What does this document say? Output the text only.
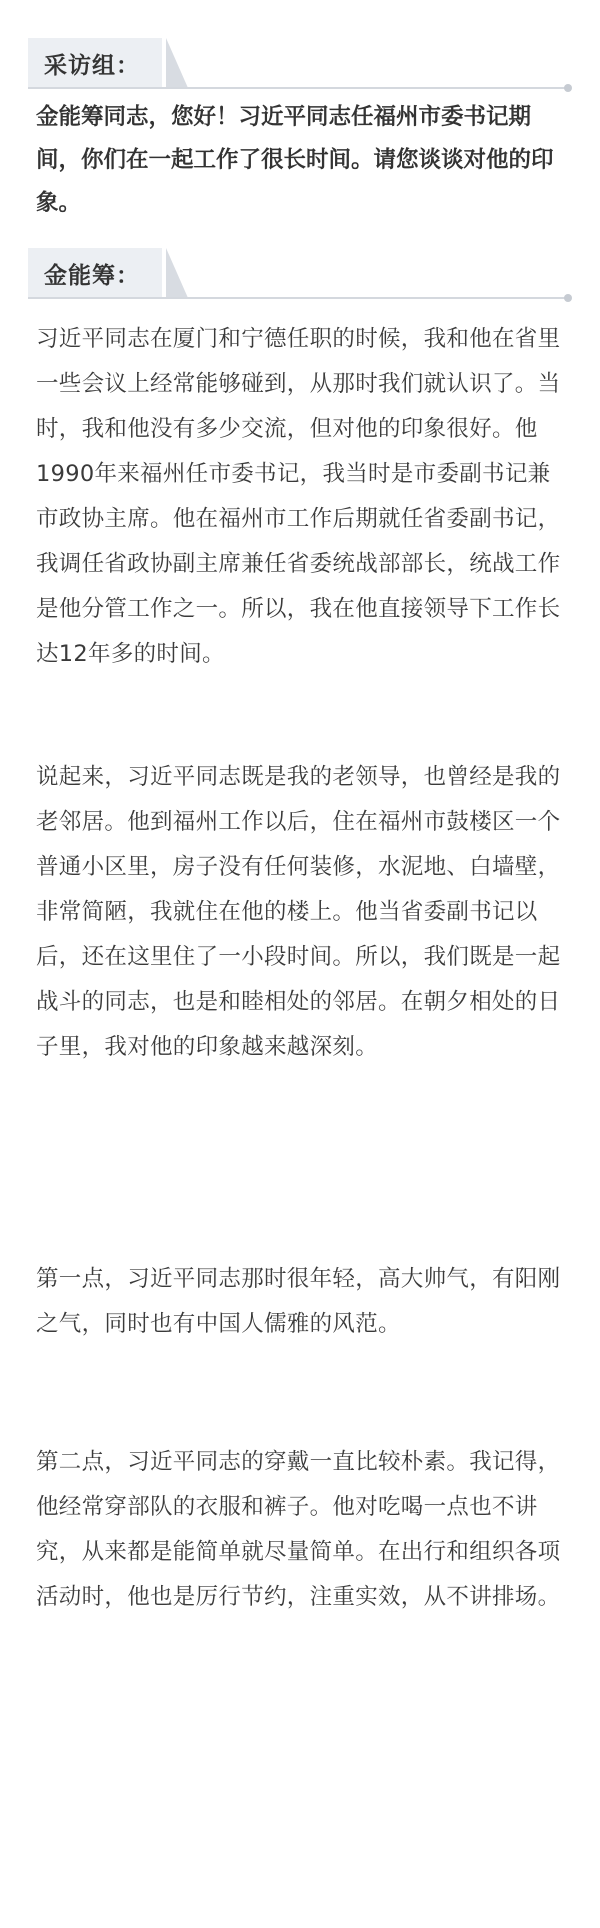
采访组：

金能筹同志，您好！习近平同志任福州市委书记期间，你们在一起工作了很长时间。请您谈谈对他的印象。

金能筹：

习近平同志在厦门和宁德任职的时候，我和他在省里一些会议上经常能够碰到，从那时我们就认识了。当时，我和他没有多少交流，但对他的印象很好。他1990年来福州任市委书记，我当时是市委副书记兼市政协主席。他在福州市工作后期就任省委副书记，我调任省政协副主席兼任省委统战部部长，统战工作是他分管工作之一。所以，我在他直接领导下工作长达12年多的时间。

说起来，习近平同志既是我的老领导，也曾经是我的老邻居。他到福州工作以后，住在福州市鼓楼区一个普通小区里，房子没有任何装修，水泥地、白墙壁，非常简陋，我就住在他的楼上。他当省委副书记以后，还在这里住了一小段时间。所以，我们既是一起战斗的同志，也是和睦相处的邻居。在朝夕相处的日子里，我对他的印象越来越深刻。

第一点，习近平同志那时很年轻，高大帅气，有阳刚之气，同时也有中国人儒雅的风范。

第二点，习近平同志的穿戴一直比较朴素。我记得，他经常穿部队的衣服和裤子。他对吃喝一点也不讲究，从来都是能简单就尽量简单。在出行和组织各项活动时，他也是厉行节约，注重实效，从不讲排场。
